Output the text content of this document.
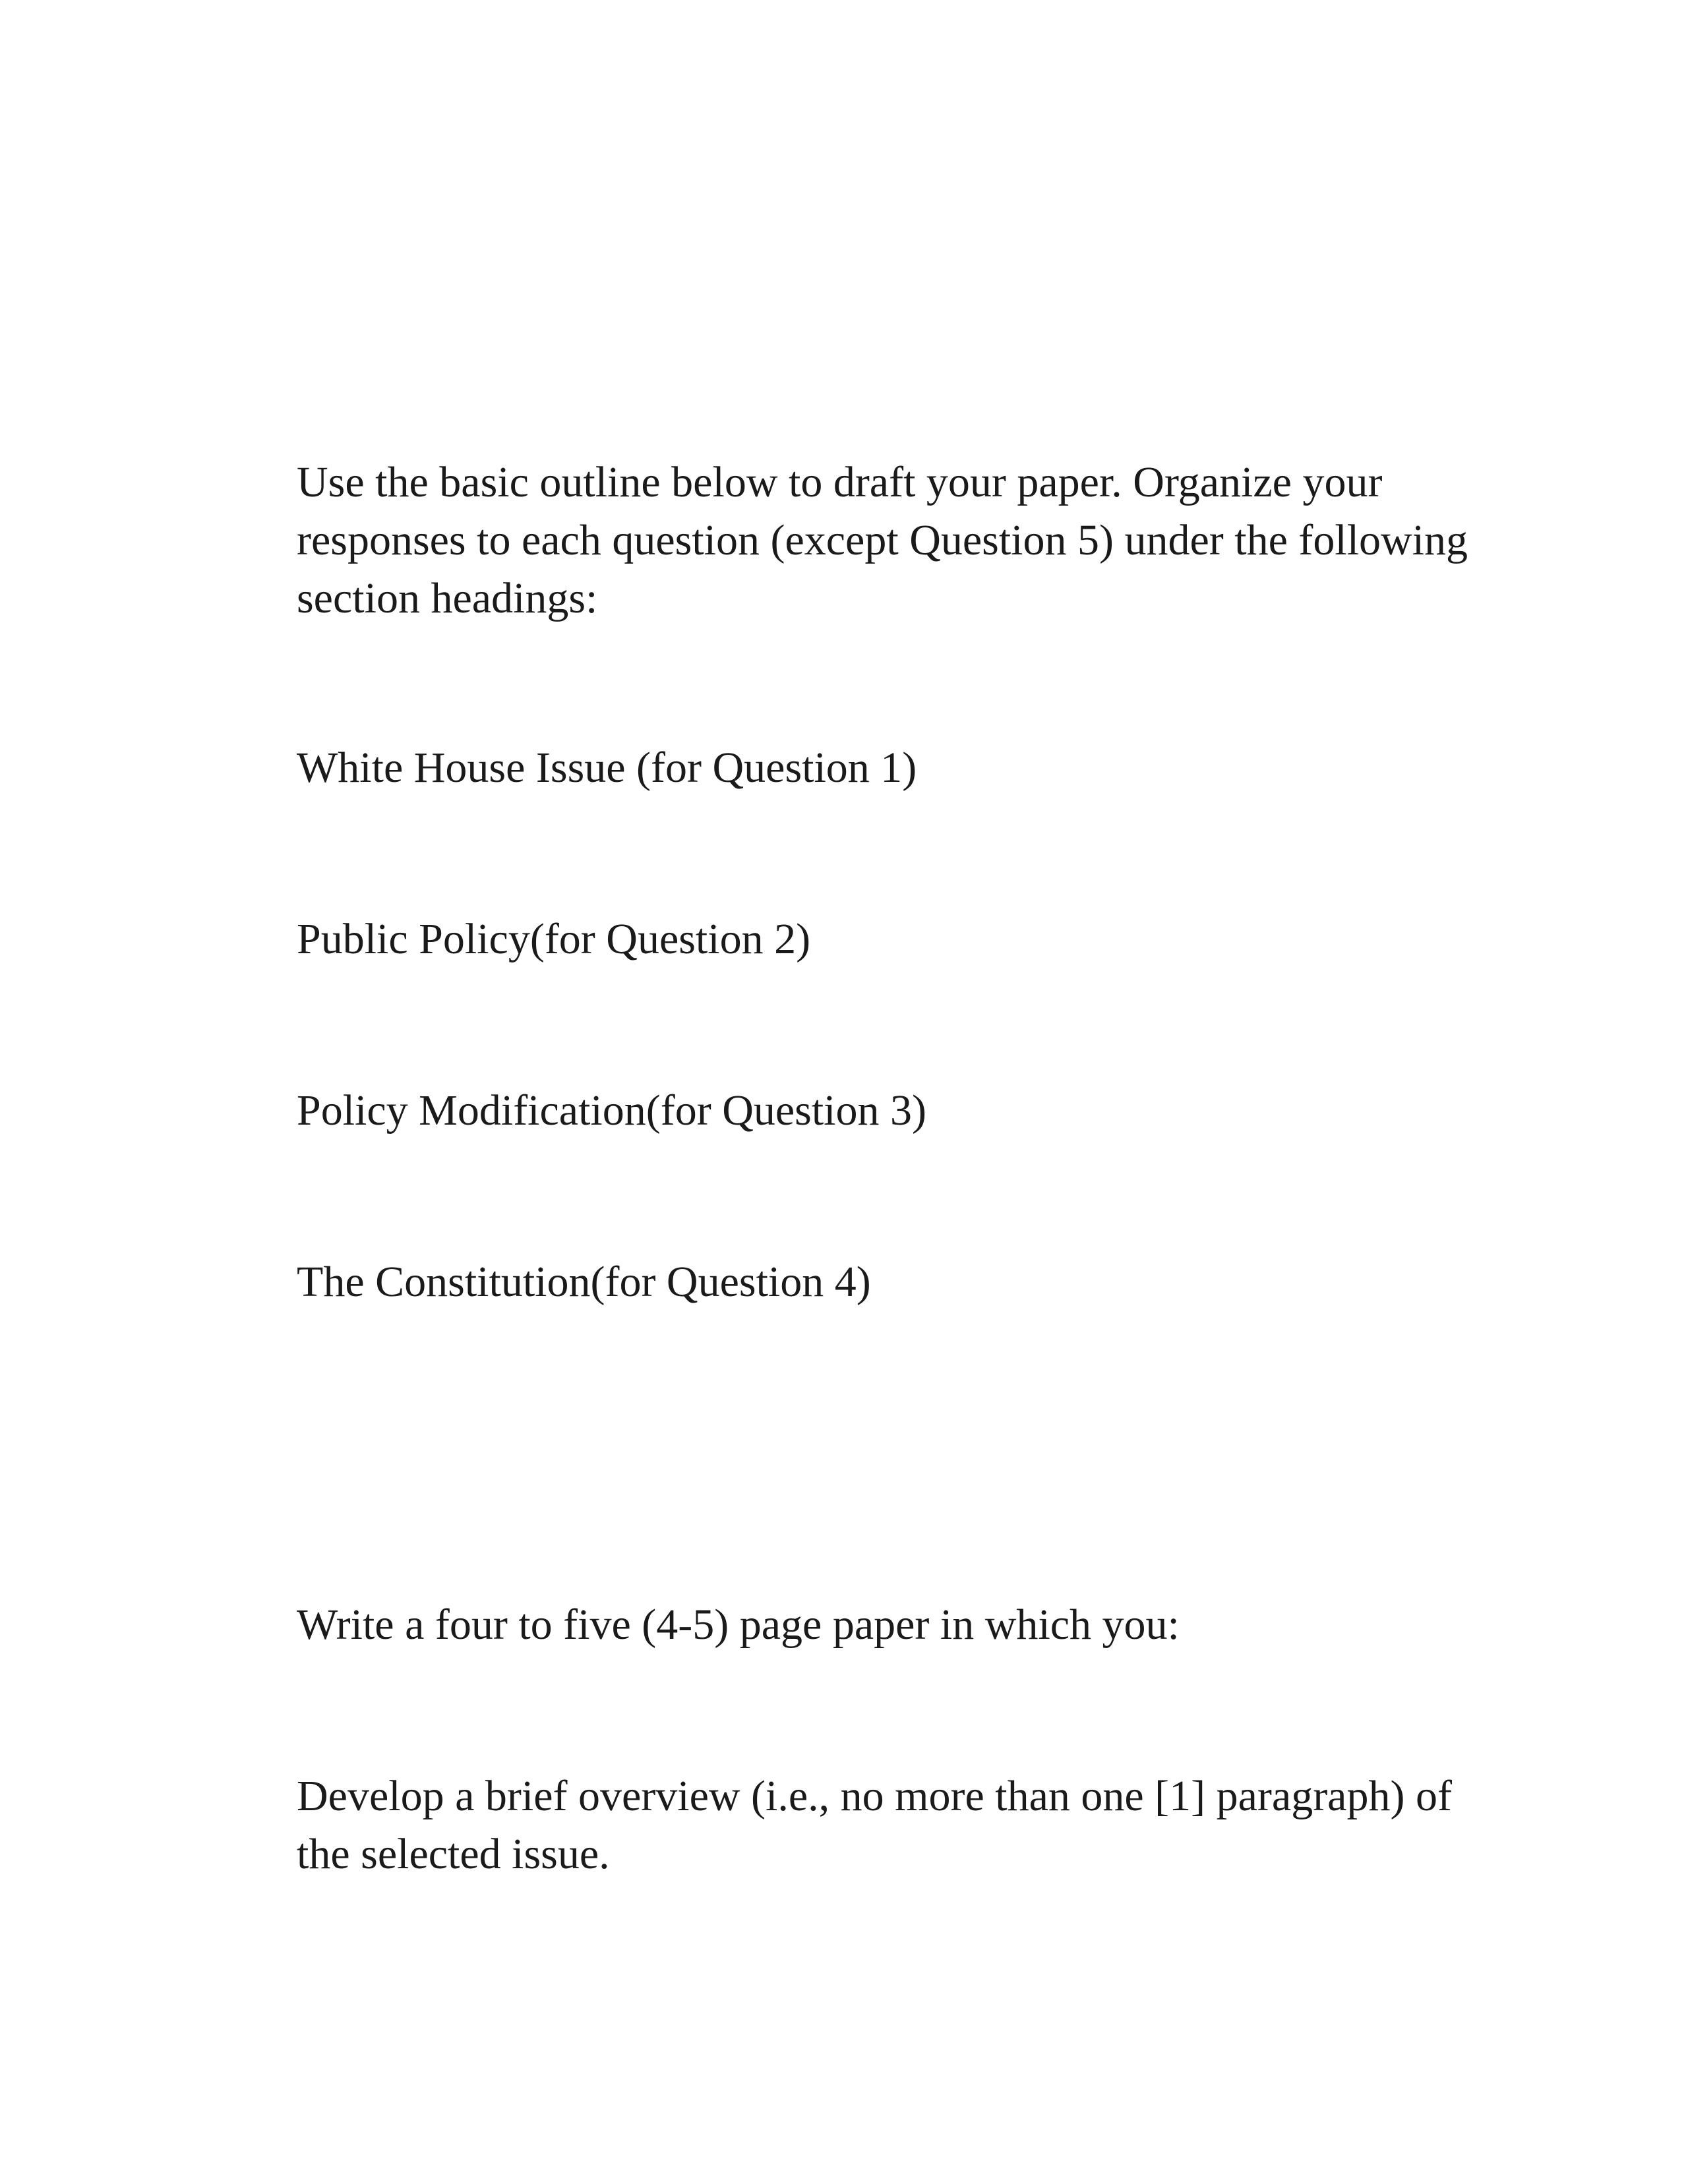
Use the basic outline below to draft your paper. Organize your
responses to each question (except Question 5) under the following
section headings:

White House Issue (for Question 1)

Public Policy(for Question 2)

Policy Modification(for Question 3)

The Constitution(for Question 4)

Write a four to five (4-5) page paper in which you:

Develop a brief overview (i.e., no more than one [1] paragraph) of
the selected issue.
